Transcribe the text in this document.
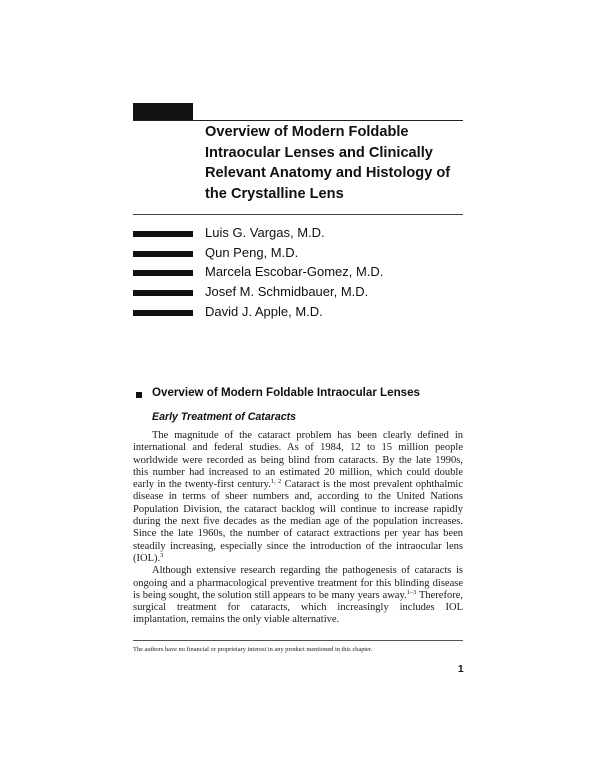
Overview of Modern Foldable Intraocular Lenses and Clinically Relevant Anatomy and Histology of the Crystalline Lens
Luis G. Vargas, M.D.
Qun Peng, M.D.
Marcela Escobar-Gomez, M.D.
Josef M. Schmidbauer, M.D.
David J. Apple, M.D.
Overview of Modern Foldable Intraocular Lenses
Early Treatment of Cataracts

The magnitude of the cataract problem has been clearly defined in international and federal studies. As of 1984, 12 to 15 million people worldwide were recorded as being blind from cataracts. By the late 1990s, this number had increased to an estimated 20 million, which could double early in the twenty-first century.$^{1, 2}$ Cataract is the most prevalent ophthalmic disease in terms of sheer numbers and, according to the United Nations Population Division, the cataract backlog will continue to increase rapidly during the next five decades as the median age of the population increases. Since the late 1960s, the number of cataract extractions per year has been steadily increasing, especially since the introduction of the intraocular lens (IOL).$^3$

Although extensive research regarding the pathogenesis of cataracts is ongoing and a pharmacological preventive treatment for this blinding disease is being sought, the solution still appears to be many years away.$^{1-3}$ Therefore, surgical treatment for cataracts, which increasingly includes IOL implantation, remains the only viable alternative.

The authors have no financial or proprietary interest in any product mentioned in this chapter.
1
